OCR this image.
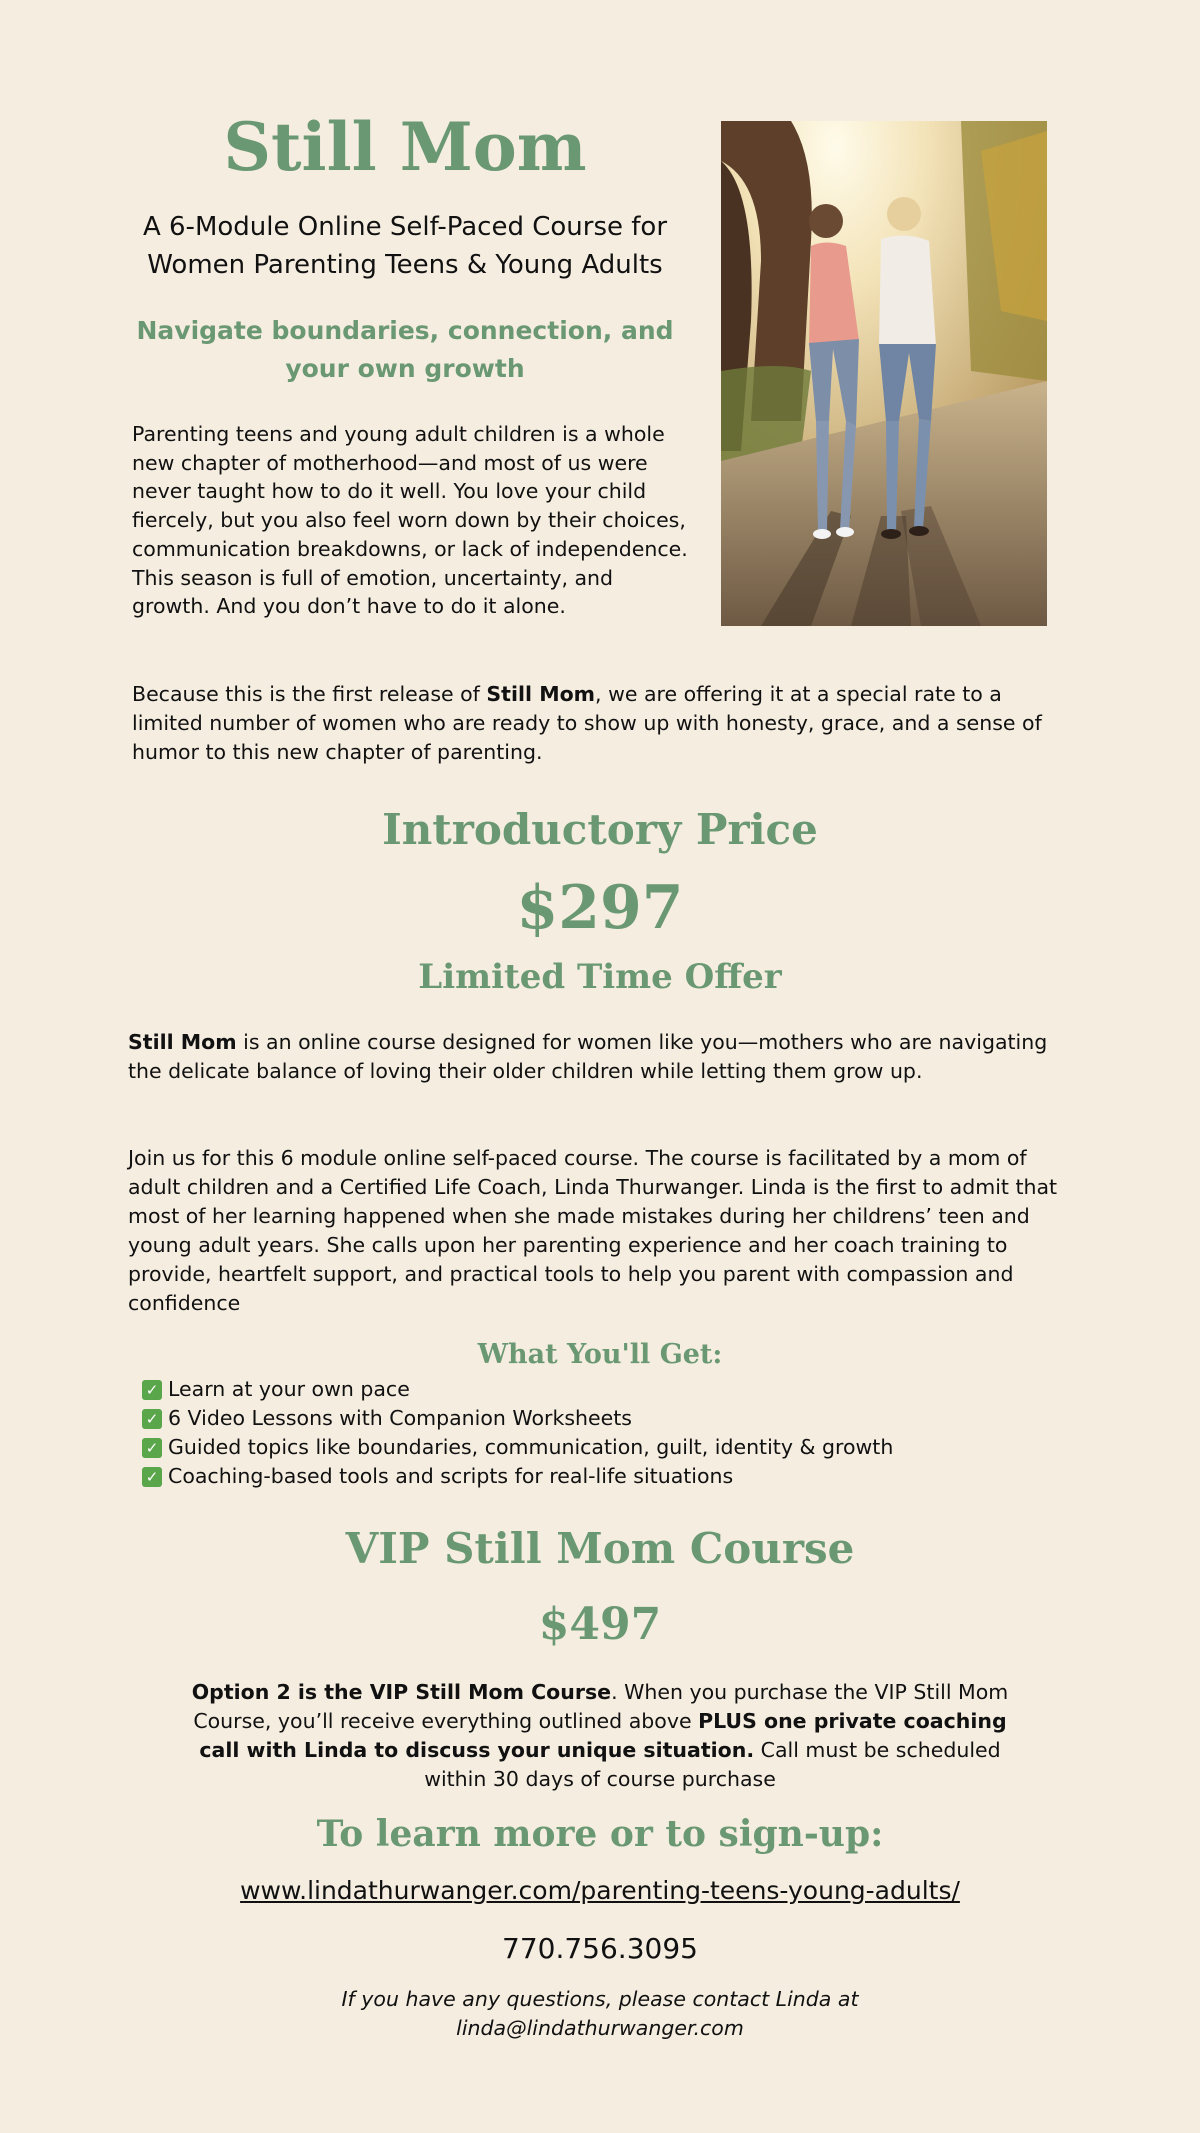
Still Mom
A 6-Module Online Self-Paced Course for
Women Parenting Teens & Young Adults
Navigate boundaries, connection, and your own growth

Parenting teens and young adult children is a whole new chapter of motherhood—and most of us were never taught how to do it well. You love your child fiercely, but you also feel worn down by their choices, communication breakdowns, or lack of independence. This season is full of emotion, uncertainty, and growth. And you don’t have to do it alone.

Because this is the first release of Still Mom, we are offering it at a special rate to a limited number of women who are ready to show up with honesty, grace, and a sense of humor to this new chapter of parenting.

Introductory Price
$297
Limited Time Offer

Still Mom is an online course designed for women like you—mothers who are navigating the delicate balance of loving their older children while letting them grow up.

Join us for this 6 module online self-paced course. The course is facilitated by a mom of adult children and a Certified Life Coach, Linda Thurwanger. Linda is the first to admit that most of her learning happened when she made mistakes during her childrens’ teen and young adult years. She calls upon her parenting experience and her coach training to provide, heartfelt support, and practical tools to help you parent with compassion and confidence

What You'll Get:
✓ Learn at your own pace
✓ 6 Video Lessons with Companion Worksheets
✓ Guided topics like boundaries, communication, guilt, identity & growth
✓ Coaching-based tools and scripts for real-life situations
VIP Still Mom Course
$497

Option 2 is the VIP Still Mom Course. When you purchase the VIP Still Mom Course, you’ll receive everything outlined above PLUS one private coaching call with Linda to discuss your unique situation. Call must be scheduled within 30 days of course purchase

To learn more or to sign-up:
www.lindathurwanger.com/parenting-teens-young-adults/
770.756.3095
If you have any questions, please contact Linda at
linda@lindathurwanger.com
